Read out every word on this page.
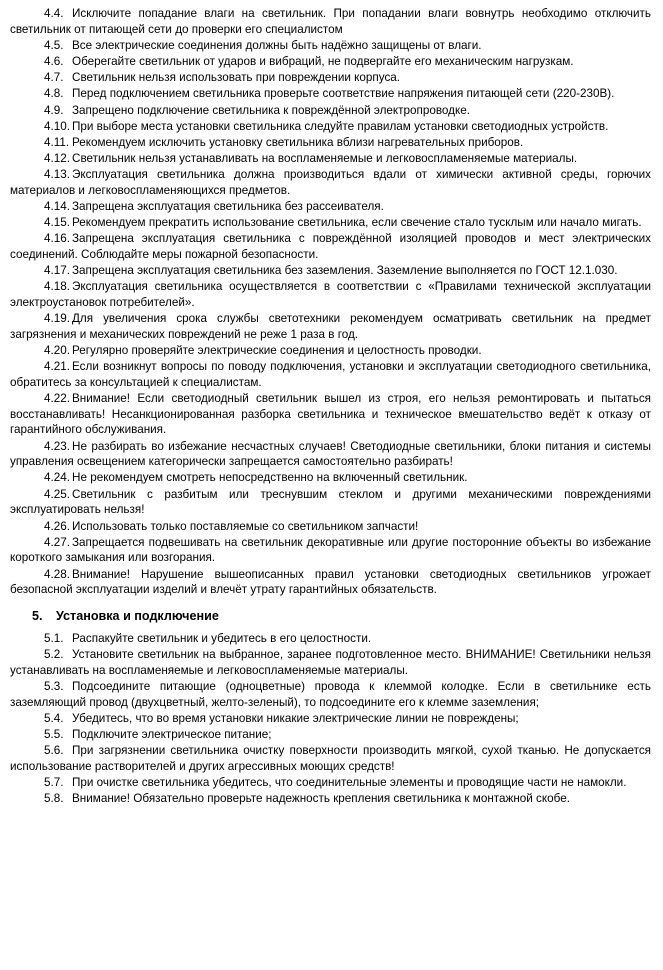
4.4. Исключите попадание влаги на светильник. При попадании влаги вовнутрь необходимо отключить светильник от питающей сети до проверки его специалистом

4.5. Все электрические соединения должны быть надёжно защищены от влаги.

4.6. Оберегайте светильник от ударов и вибраций, не подвергайте его механическим нагрузкам.

4.7. Светильник нельзя использовать при повреждении корпуса.

4.8. Перед подключением светильника проверьте соответствие напряжения питающей сети (220-230В).

4.9. Запрещено подключение светильника к повреждённой электропроводке.

4.10. При выборе места установки светильника следуйте правилам установки светодиодных устройств.

4.11. Рекомендуем исключить установку светильника вблизи нагревательных приборов.

4.12. Светильник нельзя устанавливать на воспламеняемые и легковоспламеняемые материалы.

4.13. Эксплуатация светильника должна производиться вдали от химически активной среды, горючих материалов и легковоспламеняющихся предметов.

4.14. Запрещена эксплуатация светильника без рассеивателя.

4.15. Рекомендуем прекратить использование светильника, если свечение стало тусклым или начало мигать.

4.16. Запрещена эксплуатация светильника с повреждённой изоляцией проводов и мест электрических соединений. Соблюдайте меры пожарной безопасности.

4.17. Запрещена эксплуатация светильника без заземления. Заземление выполняется по ГОСТ 12.1.030.

4.18. Эксплуатация светильника осуществляется в соответствии с «Правилами технической эксплуатации электроустановок потребителей».

4.19. Для увеличения срока службы светотехники рекомендуем осматривать светильник на предмет загрязнения и механических повреждений не реже 1 раза в год.

4.20. Регулярно проверяйте электрические соединения и целостность проводки.

4.21. Если возникнут вопросы по поводу подключения, установки и эксплуатации светодиодного светильника, обратитесь за консультацией к специалистам.

4.22. Внимание! Если светодиодный светильник вышел из строя, его нельзя ремонтировать и пытаться восстанавливать! Несанкционированная разборка светильника и техническое вмешательство ведёт к отказу от гарантийного обслуживания.

4.23. Не разбирать во избежание несчастных случаев! Светодиодные светильники, блоки питания и системы управления освещением категорически запрещается самостоятельно разбирать!

4.24. Не рекомендуем смотреть непосредственно на включенный светильник.

4.25. Светильник с разбитым или треснувшим стеклом и другими механическими повреждениями эксплуатировать нельзя!

4.26. Использовать только поставляемые со светильником запчасти!

4.27. Запрещается подвешивать на светильник декоративные или другие посторонние объекты во избежание короткого замыкания или возгорания.

4.28. Внимание! Нарушение вышеописанных правил установки светодиодных светильников угрожает безопасной эксплуатации изделий и влечёт утрату гарантийных обязательств.

5. Установка и подключение

5.1. Распакуйте светильник и убедитесь в его целостности.

5.2. Установите светильник на выбранное, заранее подготовленное место. ВНИМАНИЕ! Светильники нельзя устанавливать на воспламеняемые и легковоспламеняемые материалы.

5.3. Подсоедините питающие (одноцветные) провода к клеммой колодке. Если в светильнике есть заземляющий провод (двухцветный, желто-зеленый), то подсоедините его к клемме заземления;

5.4. Убедитесь, что во время установки никакие электрические линии не повреждены;

5.5. Подключите электрическое питание;

5.6. При загрязнении светильника очистку поверхности производить мягкой, сухой тканью. Не допускается использование растворителей и других агрессивных моющих средств!

5.7. При очистке светильника убедитесь, что соединительные элементы и проводящие части не намокли.

5.8. Внимание! Обязательно проверьте надежность крепления светильника к монтажной скобе.
